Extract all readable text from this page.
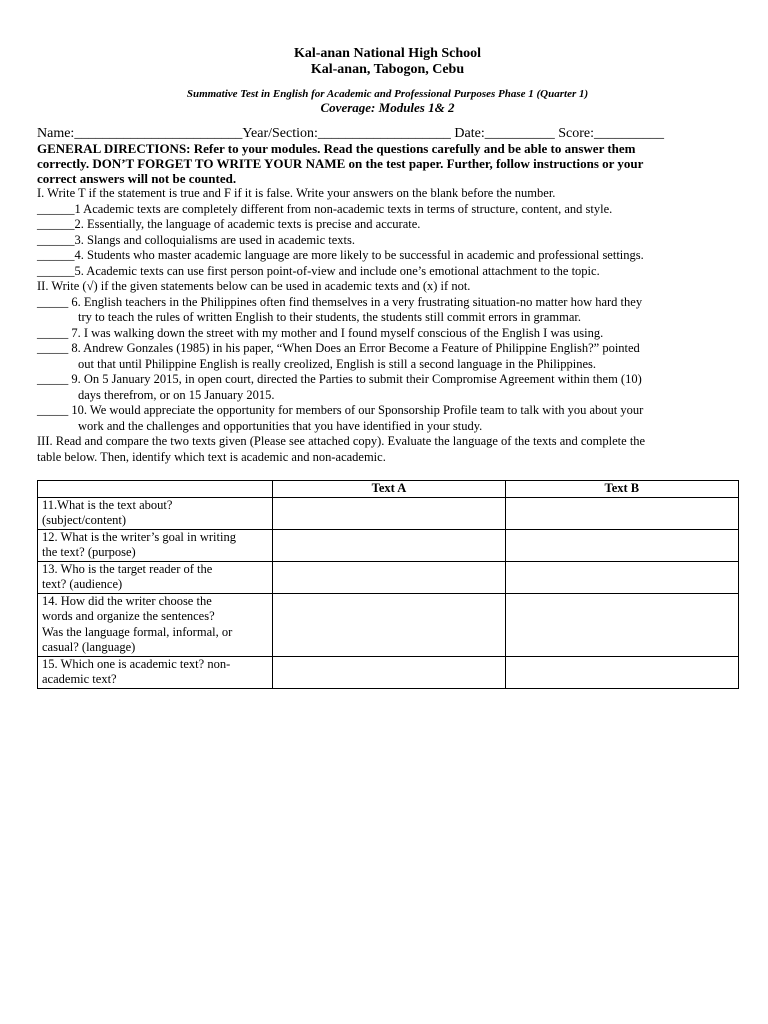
Kal-anan National High School
Kal-anan, Tabogon, Cebu
Summative Test in English for Academic and Professional Purposes Phase 1 (Quarter 1)
Coverage: Modules 1& 2
Name:________________________Year/Section:___________________ Date:__________ Score:__________
GENERAL DIRECTIONS: Refer to your modules. Read the questions carefully and be able to answer them
correctly. DON’T FORGET TO WRITE YOUR NAME on the test paper. Further, follow instructions or your
correct answers will not be counted.
I. Write T if the statement is true and F if it is false. Write your answers on the blank before the number.
______1 Academic texts are completely different from non-academic texts in terms of structure, content, and style.
______2. Essentially, the language of academic texts is precise and accurate.
______3. Slangs and colloquialisms are used in academic texts.
______4. Students who master academic language are more likely to be successful in academic and professional settings.
______5. Academic texts can use first person point-of-view and include one’s emotional attachment to the topic.
II. Write (√) if the given statements below can be used in academic texts and (x) if not.
_____ 6. English teachers in the Philippines often find themselves in a very frustrating situation-no matter how hard they
try to teach the rules of written English to their students, the students still commit errors in grammar.
_____ 7. I was walking down the street with my mother and I found myself conscious of the English I was using.
_____ 8. Andrew Gonzales (1985) in his paper, “When Does an Error Become a Feature of Philippine English?” pointed
out that until Philippine English is really creolized, English is still a second language in the Philippines.
_____ 9. On 5 January 2015, in open court, directed the Parties to submit their Compromise Agreement within them (10)
days therefrom, or on 15 January 2015.
_____ 10. We would appreciate the opportunity for members of our Sponsorship Profile team to talk with you about your
work and the challenges and opportunities that you have identified in your study.
III. Read and compare the two texts given (Please see attached copy). Evaluate the language of the texts and complete the
table below. Then, identify which text is academic and non-academic.
	Text A	Text B

11.What is the text about?
(subject/content)		

12. What is the writer’s goal in writing
the text? (purpose)		

13. Who is the target reader of the
text? (audience)		

14. How did the writer choose the
words and organize the sentences?
Was the language formal, informal, or
casual? (language)		

15. Which one is academic text? non-
academic text?		
